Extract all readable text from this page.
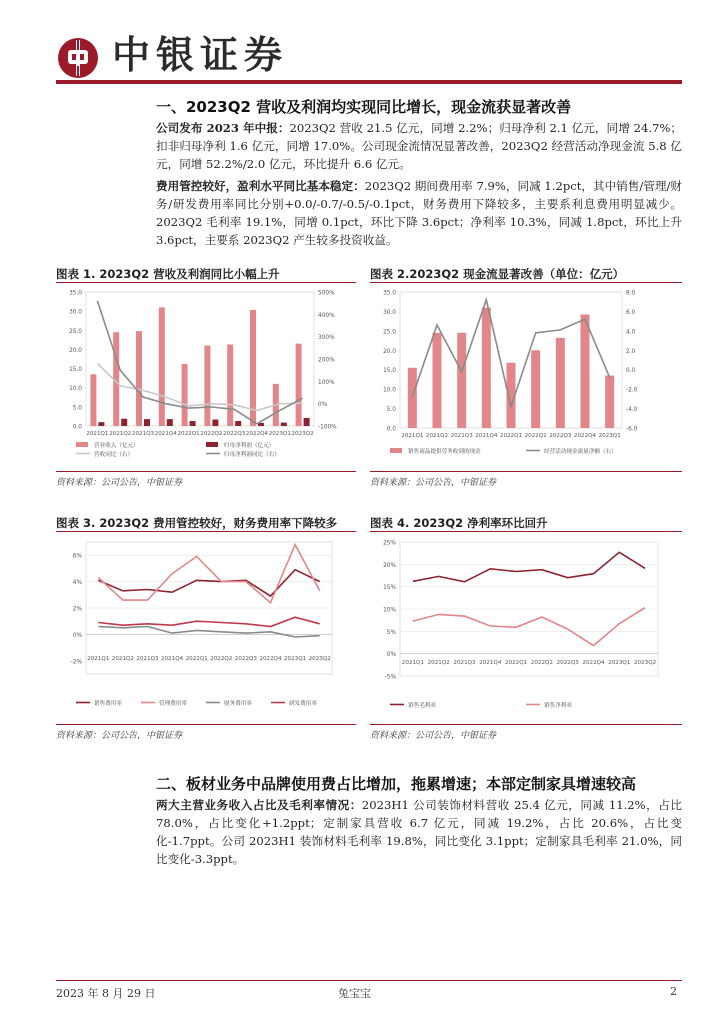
中银证券
一、2023Q2 营收及利润均实现同比增长，现金流获显著改善
公司发布 2023 年中报：2023Q2 营收 21.5 亿元，同增 2.2%；归母净利 2.1 亿元，同增 24.7%；扣非归母净利 1.6 亿元，同增 17.0%。公司现金流情况显著改善，2023Q2 经营活动净现金流 5.8 亿元，同增 52.2%/2.0 亿元，环比提升 6.6 亿元。
费用管控较好，盈利水平同比基本稳定：2023Q2 期间费用率 7.9%，同减 1.2pct，其中销售/管理/财务/研发费用率同比分别+0.0/-0.7/-0.5/-0.1pct，财务费用下降较多，主要系利息费用明显减少。2023Q2 毛利率 19.1%，同增 0.1pct，环比下降 3.6pct；净利率 10.3%，同减 1.8pct，环比上升 3.6pct，主要系 2023Q2 产生较多投资收益。
图表 1. 2023Q2 营收及利润同比小幅上升
0.0
5.0
10.0
15.0
20.0
25.0
30.0
35.0
-100%
0%
100%
200%
300%
400%
500%
2021Q1 2021Q2 2021Q3 2021Q4 2022Q1 2022Q2 2022Q3 2022Q4 2023Q1 2023Q2
营业收入（亿元）	归母净利润（亿元）
营收同比（右）	归母净利润同比（右）
资料来源：公司公告，中银证券
图表 2.2023Q2 现金流显著改善（单位：亿元）
0.0
5.0
10.0
15.0
20.0
25.0
30.0
35.0
-6.0
-4.0
-2.0
0.0
2.0
4.0
6.0
8.0
2021Q1 2021Q2 2021Q3 2021Q4 2022Q1 2022Q2 2022Q3 2022Q4 2023Q1
销售商品提供劳务收到的现金	经营活动现金流量净额（右）
资料来源：公司公告，中银证券
图表 3. 2023Q2 费用管控较好，财务费用率下降较多
-2%
0%
2%
4%
6%
2021Q1 2021Q2 2021Q3 2021Q4 2022Q1 2022Q2 2022Q3 2022Q4 2023Q1 2023Q2
销售费用率	管理费用率	财务费用率	研发费用率
资料来源：公司公告，中银证券
图表 4. 2023Q2 净利率环比回升
-5%
0%
5%
10%
15%
20%
25%
2021Q1 2021Q2 2021Q3 2021Q4 2022Q1 2022Q2 2022Q3 2022Q4 2023Q1 2023Q2
销售毛利率	销售净利率
资料来源：公司公告，中银证券
二、板材业务中品牌使用费占比增加，拖累增速；本部定制家具增速较高
两大主营业务收入占比及毛利率情况：2023H1 公司装饰材料营收 25.4 亿元，同减 11.2%，占比 78.0%，占比变化+1.2ppt；定制家具营收 6.7 亿元，同减 19.2%，占比 20.6%，占比变化-1.7ppt。公司 2023H1 装饰材料毛利率 19.8%，同比变化 3.1ppt；定制家具毛利率 21.0%，同比变化-3.3ppt。
2023 年 8 月 29 日	兔宝宝	2
